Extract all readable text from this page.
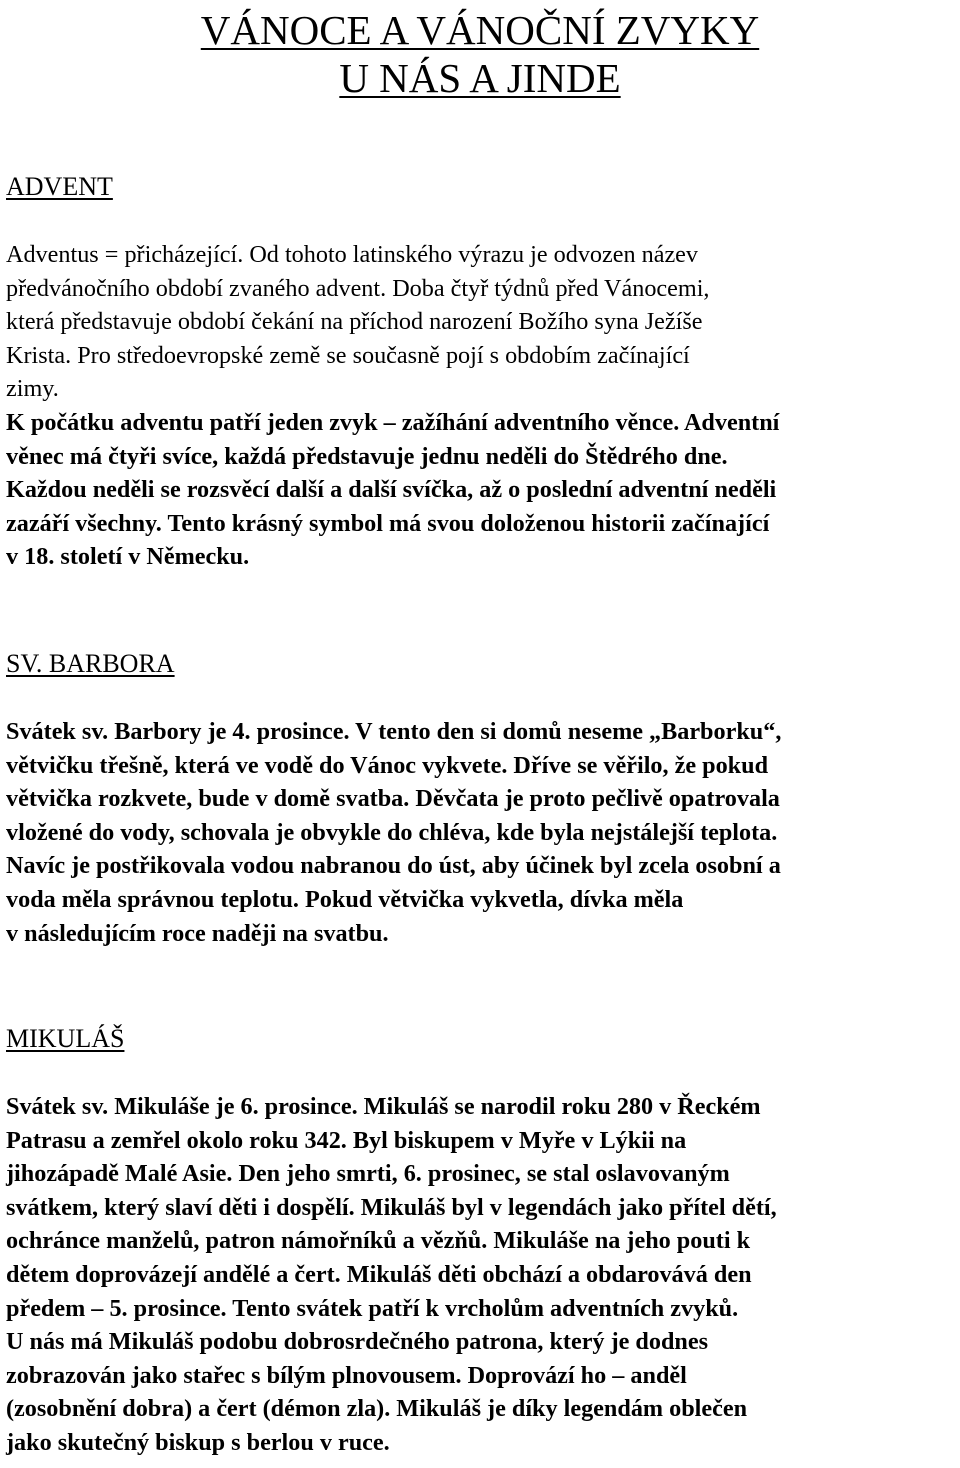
VÁNOCE A VÁNOČNÍ ZVYKY
U NÁS A JINDE
ADVENT
Adventus = přicházející. Od tohoto latinského výrazu je odvozen název
předvánočního období zvaného advent. Doba čtyř týdnů před Vánocemi,
která představuje období čekání na příchod narození Božího syna Ježíše
Krista. Pro středoevropské země se současně pojí s obdobím začínající
zimy.
K počátku adventu patří jeden zvyk – zažíhání adventního věnce. Adventní
věnec má čtyři svíce, každá představuje jednu neděli do Štědrého dne.
Každou neděli se rozsvěcí další a další svíčka, až o poslední adventní neděli
zazáří všechny. Tento krásný symbol má svou doloženou historii začínající
v 18. století v Německu.
SV. BARBORA
Svátek sv. Barbory je 4. prosince. V tento den si domů neseme „Barborku“,
větvičku třešně, která ve vodě do Vánoc vykvete. Dříve se věřilo, že pokud
větvička rozkvete, bude v domě svatba. Děvčata je proto pečlivě opatrovala
vložené do vody, schovala je obvykle do chléva, kde byla nejstálejší teplota.
Navíc je postřikovala vodou nabranou do úst, aby účinek byl zcela osobní a
voda měla správnou teplotu. Pokud větvička vykvetla, dívka měla
v následujícím roce naději na svatbu.
MIKULÁŠ
Svátek sv. Mikuláše je 6. prosince. Mikuláš se narodil roku 280 v Řeckém
Patrasu a zemřel okolo roku 342. Byl biskupem v Myře v Lýkii na
jihozápadě Malé Asie. Den jeho smrti, 6. prosinec, se stal oslavovaným
svátkem, který slaví děti i dospělí. Mikuláš byl v legendách jako přítel dětí,
ochránce manželů, patron námořníků a vězňů. Mikuláše na jeho pouti k
dětem doprovázejí andělé a čert. Mikuláš děti obchází a obdarovává den
předem – 5. prosince. Tento svátek patří k vrcholům adventních zvyků.
U nás má Mikuláš podobu dobrosrdečného patrona, který je dodnes
zobrazován jako stařec s bílým plnovousem. Doprovází ho – anděl
(zosobnění dobra) a čert (démon zla). Mikuláš je díky legendám oblečen
jako skutečný biskup s berlou v ruce.
